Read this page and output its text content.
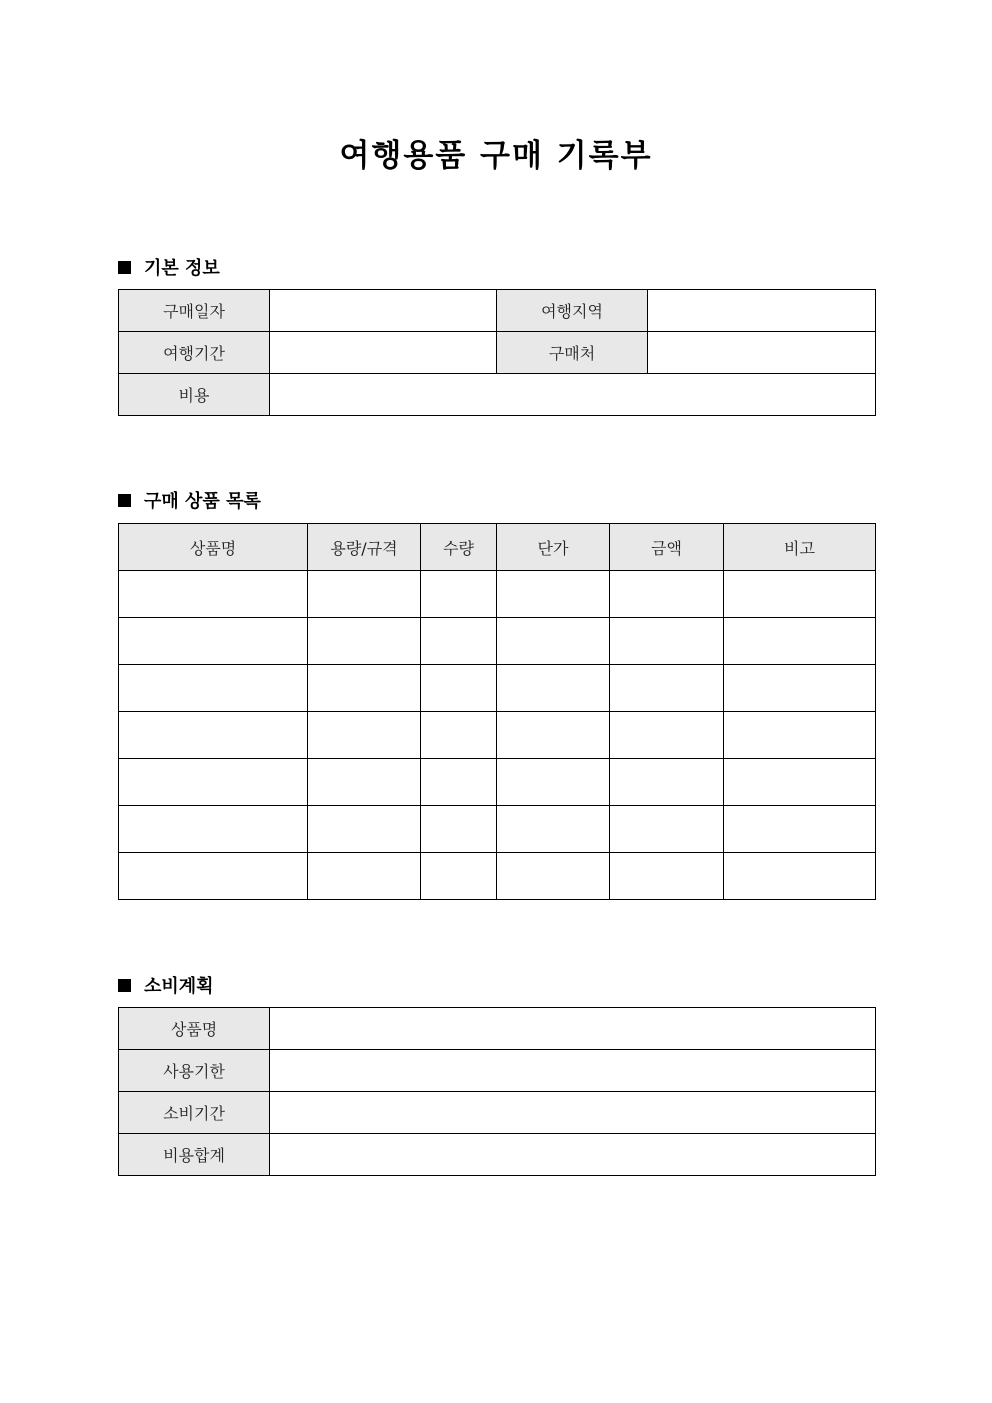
여행용품 구매 기록부
기본 정보
구매일자		여행지역	
여행기간		구매처	
비용			
구매 상품 목록
상품명	용량/규격	수량	단가	금액	비고

소비계획
상품명	
사용기한	
소비기간	
비용합계	
